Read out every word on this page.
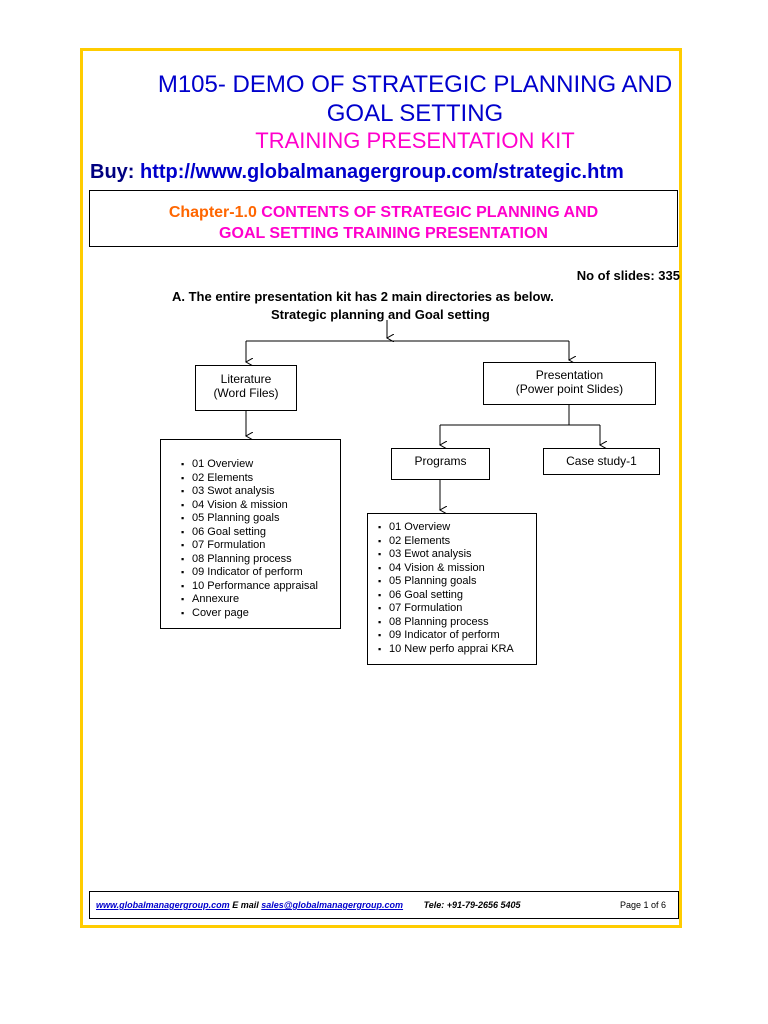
M105- DEMO OF STRATEGIC PLANNING AND
GOAL SETTING
TRAINING PRESENTATION KIT
Buy: http://www.globalmanagergroup.com/strategic.htm
Chapter-1.0 CONTENTS OF STRATEGIC PLANNING AND
GOAL SETTING TRAINING PRESENTATION
No of slides: 335
A. The entire presentation kit has 2 main directories as below.
Strategic planning and Goal setting
Literature
(Word Files)
Presentation
(Power point Slides)
Programs	Case study-1
▪ 01 Overview
▪ 02 Elements
▪ 03 Swot analysis
▪ 04 Vision & mission
▪ 05 Planning goals
▪ 06 Goal setting
▪ 07 Formulation
▪ 08 Planning process
▪ 09 Indicator of perform
▪ 10 Performance appraisal
▪ Annexure
▪ Cover page
▪ 01 Overview
▪ 02 Elements
▪ 03 Ewot analysis
▪ 04 Vision & mission
▪ 05 Planning goals
▪ 06 Goal setting
▪ 07 Formulation
▪ 08 Planning process
▪ 09 Indicator of perform
▪ 10 New perfo apprai KRA
www.globalmanagergroup.com E mail sales@globalmanagergroup.com Tele: +91-79-2656 5405	Page 1 of 6
